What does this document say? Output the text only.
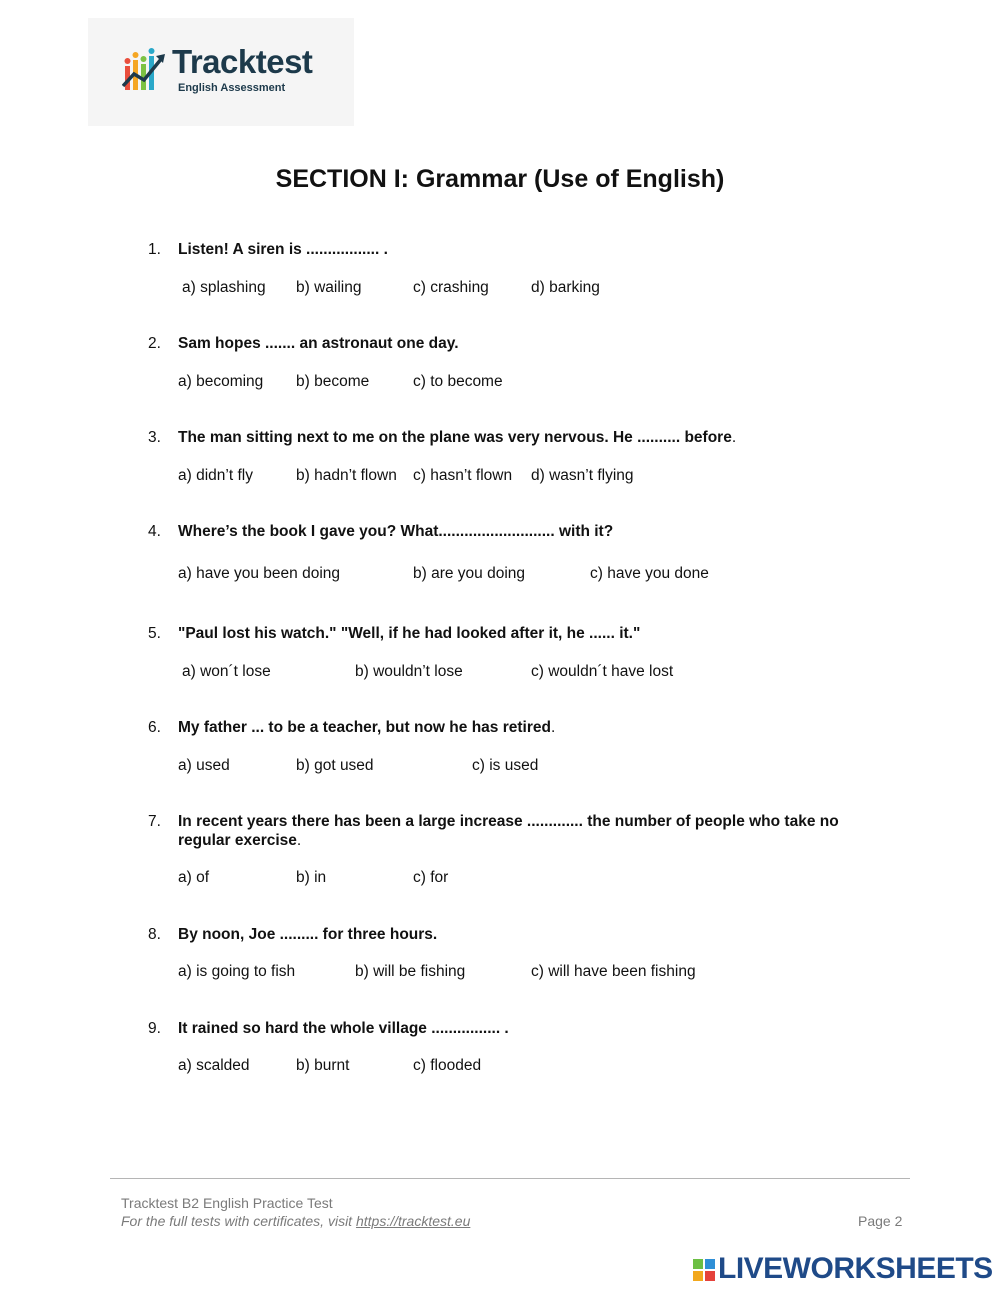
Tracktest
English Assessment
SECTION I: Grammar (Use of English)
1. Listen! A siren is ................. .
a) splashing b) wailing	c) crashing	d) barking
2. Sam hopes ....... an astronaut one day.
a) becoming b) become	c) to become
3. The man sitting next to me on the plane was very nervous. He .......... before.
a) didn’t fly	b) hadn’t flown c) hasn’t flown d) wasn’t flying
4. Where’s the book I gave you? What........................... with it?
a) have you been doing	b) are you doing	c) have you done
5. "Paul lost his watch." "Well, if he had looked after it, he ...... it."
a) won´t lose	b) wouldn’t lose	c) wouldn´t have lost
6. My father ... to be a teacher, but now he has retired.
a) used	b) got used	c) is used
7. In recent years there has been a large increase ............. the number of people who take no regular exercise.
a) of	b) in	c) for
8. By noon, Joe ......... for three hours.
a) is going to fish	b) will be fishing	c) will have been fishing
9. It rained so hard the whole village ................ .
a) scalded	b) burnt	c) flooded
Tracktest B2 English Practice Test
For the full tests with certificates, visit https://tracktest.eu	Page 2
LIVEWORKSHEETS
